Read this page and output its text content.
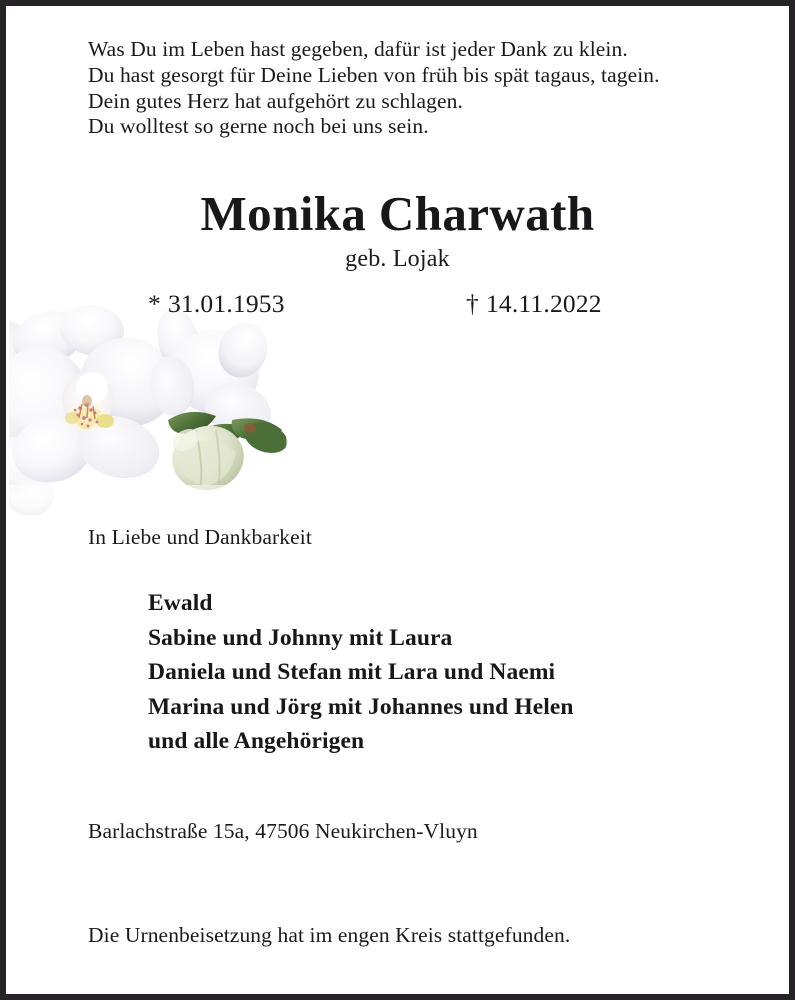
Was Du im Leben hast gegeben, dafür ist jeder Dank zu klein.
Du hast gesorgt für Deine Lieben von früh bis spät tagaus, tagein.
Dein gutes Herz hat aufgehört zu schlagen.
Du wolltest so gerne noch bei uns sein.
Monika Charwath
geb. Lojak
* 31.01.1953	† 14.11.2022
In Liebe und Dankbarkeit
Ewald
Sabine und Johnny mit Laura
Daniela und Stefan mit Lara und Naemi
Marina und Jörg mit Johannes und Helen
und alle Angehörigen
Barlachstraße 15a, 47506 Neukirchen-Vluyn
Die Urnenbeisetzung hat im engen Kreis stattgefunden.
